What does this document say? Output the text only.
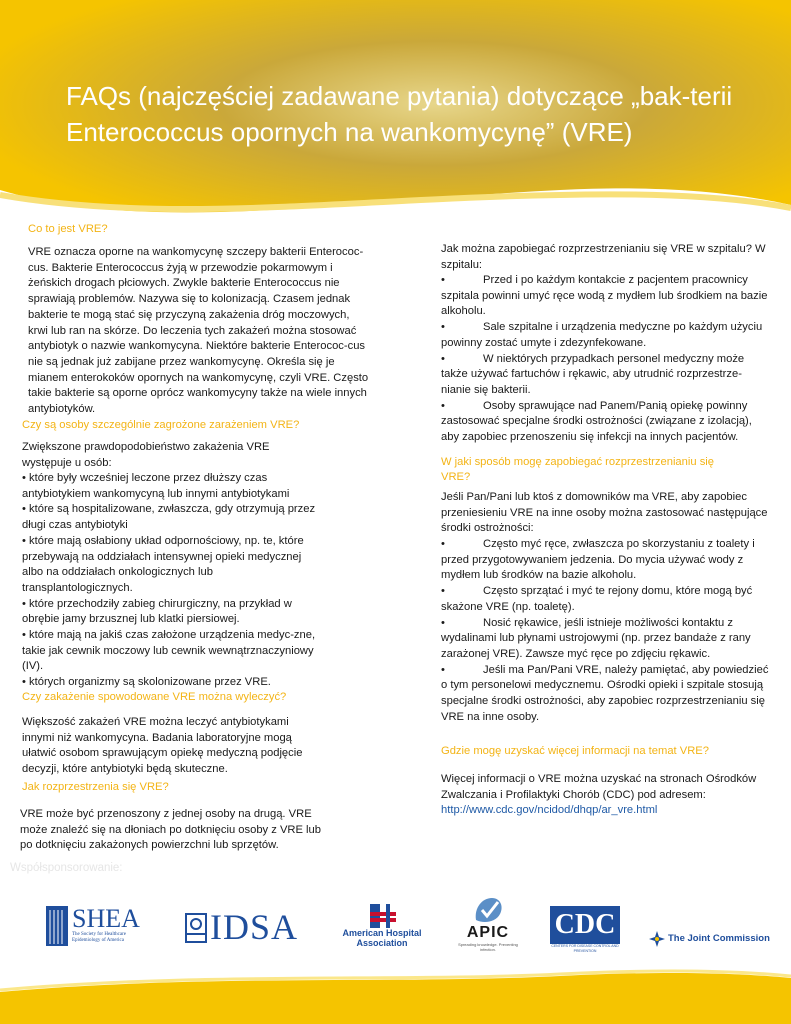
FAQs (najczęściej zadawane pytania) dotyczące „bak-terii Enterococcus opornych na wankomycynę” (VRE)
Co to jest VRE?
VRE oznacza oporne na wankomycynę szczepy bakterii Enterococ-cus. Bakterie Enterococcus żyją w przewodzie pokarmowym i żeńskich drogach płciowych. Zwykle bakterie Enterococcus nie sprawiają problemów. Nazywa się to kolonizacją. Czasem jednak bakterie te mogą stać się przyczyną zakażenia dróg moczowych, krwi lub ran na skórze. Do leczenia tych zakażeń można stosować antybiotyk o nazwie wankomycyna. Niektóre bakterie Enterococ-cus nie są jednak już zabijane przez wankomycynę. Określa się je mianem enterokoków opornych na wankomycynę, czyli VRE. Często takie bakterie są oporne oprócz wankomycyny także na wiele innych antybiotyków.
Czy są osoby szczególnie zagrożone zarażeniem VRE?
Zwiększone prawdopodobieństwo zakażenia VRE występuje u osób:
• które były wcześniej leczone przez dłuższy czas antybiotykiem wankomycyną lub innymi antybiotykami
• które są hospitalizowane, zwłaszcza, gdy otrzymują przez długi czas antybiotyki
• które mają osłabiony układ odpornościowy, np. te, które przebywają na oddziałach intensywnej opieki medycznej albo na oddziałach onkologicznych lub transplantologicznych.
• które przechodziły zabieg chirurgiczny, na przykład w obrębie jamy brzusznej lub klatki piersiowej.
• które mają na jakiś czas założone urządzenia medyc-zne, takie jak cewnik moczowy lub cewnik wewnątrznaczyniowy (IV).
• których organizmy są skolonizowane przez VRE.
Czy zakażenie spowodowane VRE można wyleczyć?
Większość zakażeń VRE można leczyć antybiotykami innymi niż wankomycyna. Badania laboratoryjne mogą ułatwić osobom sprawującym opiekę medyczną podjęcie decyzji, które antybiotyki będą skuteczne.
Jak rozprzestrzenia się VRE?
VRE może być przenoszony z jednej osoby na drugą. VRE może znaleźć się na dłoniach po dotknięciu osoby z VRE lub po dotknięciu zakażonych powierzchni lub sprzętów.
Jak można zapobiegać rozprzestrzenianiu się VRE w szpitalu? W szpitalu:
•	Przed i po każdym kontakcie z pacjentem pracownicy szpitala powinni umyć ręce wodą z mydłem lub środkiem na bazie alkoholu.
•	Sale szpitalne i urządzenia medyczne po każdym użyciu powinny zostać umyte i zdezynfekowane.
•	W niektórych przypadkach personel medyczny może także używać fartuchów i rękawic, aby utrudnić rozprzestrze-nianie się bakterii.
•	Osoby sprawujące nad Panem/Panią opiekę powinny zastosować specjalne środki ostrożności (związane z izolacją), aby zapobiec przenoszeniu się infekcji na innych pacjentów.
W jaki sposób mogę zapobiegać rozprzestrzenianiu się VRE?
Jeśli Pan/Pani lub ktoś z domowników ma VRE, aby zapobiec przeniesieniu VRE na inne osoby można zastosować następujące środki ostrożności:
•	Często myć ręce, zwłaszcza po skorzystaniu z toalety i przed przygotowywaniem jedzenia. Do mycia używać wody z mydłem lub środków na bazie alkoholu.
•	Często sprzątać i myć te rejony domu, które mogą być skażone VRE (np. toaletę).
•	Nosić rękawice, jeśli istnieje możliwości kontaktu z wydalinami lub płynami ustrojowymi (np. przez bandaże z rany zarażonej VRE). Zawsze myć ręce po zdjęciu rękawic.
•	Jeśli ma Pan/Pani VRE, należy pamiętać, aby powiedzieć o tym personelowi medycznemu. Ośrodki opieki i szpitale stosują specjalne środki ostrożności, aby zapobiec rozprzestrzenianiu się VRE na inne osoby.
Gdzie mogę uzyskać więcej informacji na temat VRE?
Więcej informacji o VRE można uzyskać na stronach Ośrodków Zwalczania i Profilaktyki Chorób (CDC) pod adresem: http://www.cdc.gov/ncidod/dhqp/ar_vre.html
Współsponsorowanie:
SHEA
The Society for Healthcare Epidemiology of America	IDSA	American Hospital Association
APIC
Spreading knowledge. Preventing infection.
CDC
CENTERS FOR DISEASE CONTROL AND PREVENTION
The Joint Commission
